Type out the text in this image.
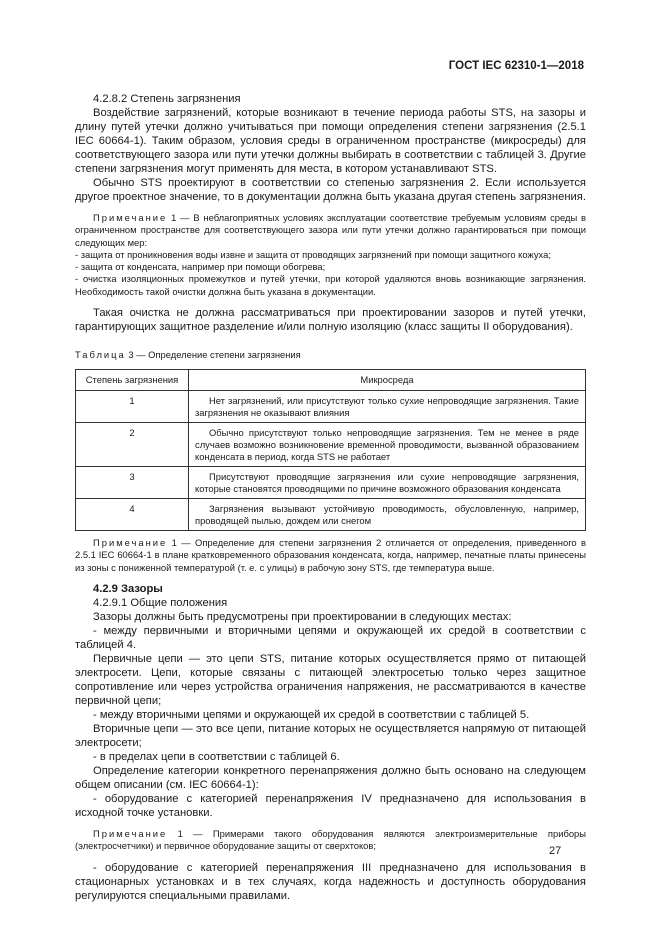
ГОСТ IEC 62310-1—2018

4.2.8.2 Степень загрязнения

Воздействие загрязнений, которые возникают в течение периода работы STS, на зазоры и длину путей утечки должно учитываться при помощи определения степени загрязнения (2.5.1 IEC 60664-1). Таким образом, условия среды в ограниченном пространстве (микросреды) для соответствующего зазора или пути утечки должны выбирать в соответствии с таблицей 3. Другие степени загрязнения могут применять для места, в котором устанавливают STS.

Обычно STS проектируют в соответствии со степенью загрязнения 2. Если используется другое проектное значение, то в документации должна быть указана другая степень загрязнения.

Примечание 1 — В неблагоприятных условиях эксплуатации соответствие требуемым условиям среды в ограниченном пространстве для соответствующего зазора или пути утечки должно гарантироваться при помощи следующих мер:

- защита от проникновения воды извне и защита от проводящих загрязнений при помощи защитного кожуха;

- защита от конденсата, например при помощи обогрева;

- очистка изоляционных промежутков и путей утечки, при которой удаляются вновь возникающие загрязнения. Необходимость такой очистки должна быть указана в документации.

Такая очистка не должна рассматриваться при проектировании зазоров и путей утечки, гарантирующих защитное разделение и/или полную изоляцию (класс защиты II оборудования).

Таблица 3 — Определение степени загрязнения
Степень загрязнения	Микросреда
1	Нет загрязнений, или присутствуют только сухие непроводящие загрязнения. Такие загрязнения не оказывают влияния
2	Обычно присутствуют только непроводящие загрязнения. Тем не менее в ряде случаев возможно возникновение временной проводимости, вызванной образованием конденсата в период, когда STS не работает
3	Присутствуют проводящие загрязнения или сухие непроводящие загрязнения, которые становятся проводящими по причине возможного образования конденсата
4	Загрязнения вызывают устойчивую проводимость, обусловленную, например, проводящей пылью, дождем или снегом

Примечание 1 — Определение для степени загрязнения 2 отличается от определения, приведенного в 2.5.1 IEC 60664-1 в плане кратковременного образования конденсата, когда, например, печатные платы принесены из зоны с пониженной температурой (т. е. с улицы) в рабочую зону STS, где температура выше.

4.2.9 Зазоры

4.2.9.1 Общие положения

Зазоры должны быть предусмотрены при проектировании в следующих местах:

- между первичными и вторичными цепями и окружающей их средой в соответствии с таблицей 4.

Первичные цепи — это цепи STS, питание которых осуществляется прямо от питающей электросети. Цепи, которые связаны с питающей электросетью только через защитное сопротивление или через устройства ограничения напряжения, не рассматриваются в качестве первичной цепи;

- между вторичными цепями и окружающей их средой в соответствии с таблицей 5.

Вторичные цепи — это все цепи, питание которых не осуществляется напрямую от питающей электросети;

- в пределах цепи в соответствии с таблицей 6.

Определение категории конкретного перенапряжения должно быть основано на следующем общем описании (см. IEC 60664-1):

- оборудование с категорией перенапряжения IV предназначено для использования в исходной точке установки.

Примечание 1 — Примерами такого оборудования являются электроизмерительные приборы (электросчетчики) и первичное оборудование защиты от сверхтоков;

- оборудование с категорией перенапряжения III предназначено для использования в стационарных установках и в тех случаях, когда надежность и доступность оборудования регулируются специальными правилами.

27
